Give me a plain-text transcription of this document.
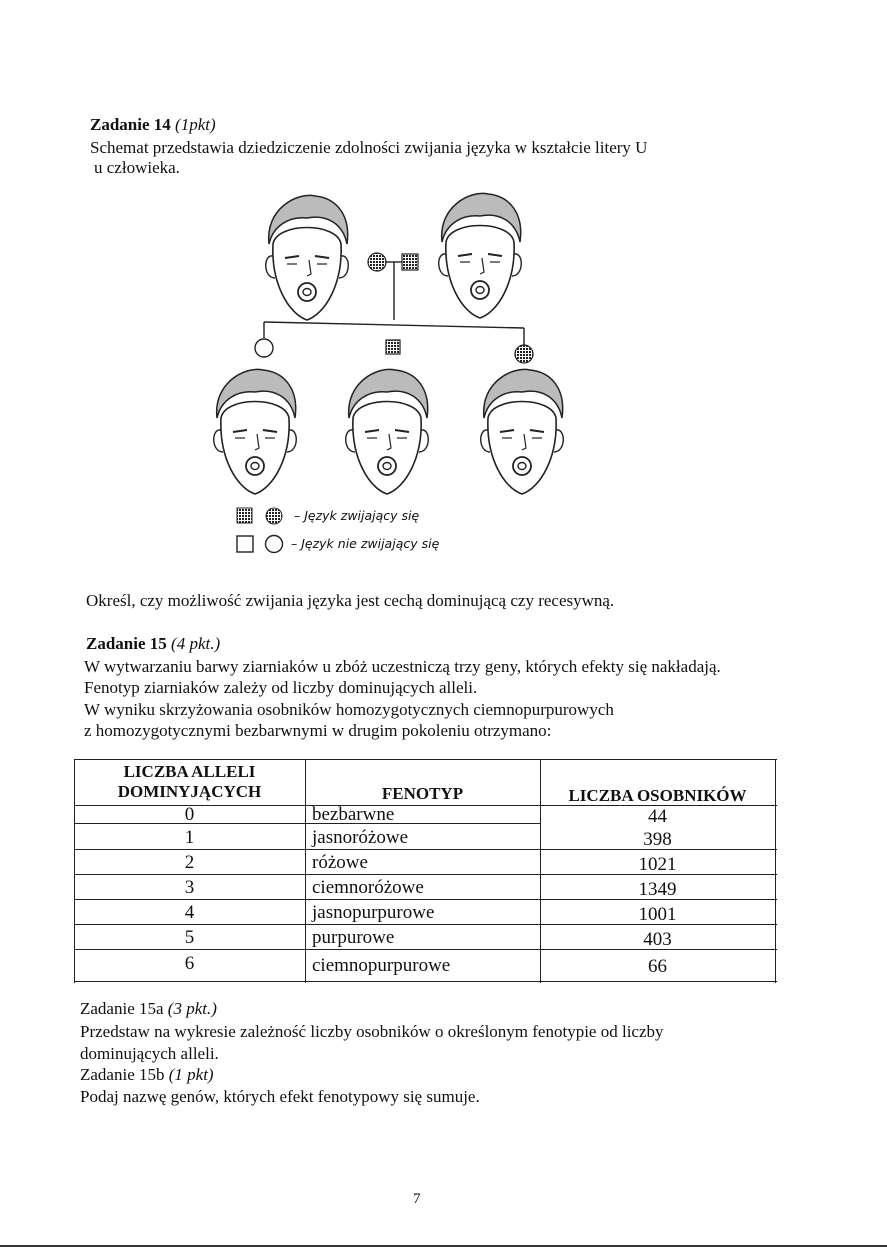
Zadanie 14 (1pkt)
Schemat przedstawia dziedziczenie zdolności zwijania języka w kształcie litery U
u człowieka.
– Język zwijający się
– Język nie zwijający się
Określ, czy możliwość zwijania języka jest cechą dominującą czy recesywną.
Zadanie 15 (4 pkt.)
W wytwarzaniu barwy ziarniaków u zbóż uczestniczą trzy geny, których efekty się nakładają.
Fenotyp ziarniaków zależy od liczby dominujących alleli.
W wyniku skrzyżowania osobników homozygotycznych ciemnopurpurowych
z homozygotycznymi bezbarwnymi w drugim pokoleniu otrzymano:
LICZBA ALLELI
DOMINYJĄCYCH	FENOTYP	LICZBA OSOBNIKÓW
0	bezbarwne	44
1	jasnoróżowe	398
2	różowe	1021
3	ciemnoróżowe	1349
4	jasnopurpurowe	1001
5	purpurowe	403
6	ciemnopurpurowe	66
Zadanie 15a (3 pkt.)
Przedstaw na wykresie zależność liczby osobników o określonym fenotypie od liczby
dominujących alleli.
Zadanie 15b (1 pkt)
Podaj nazwę genów, których efekt fenotypowy się sumuje.
7
